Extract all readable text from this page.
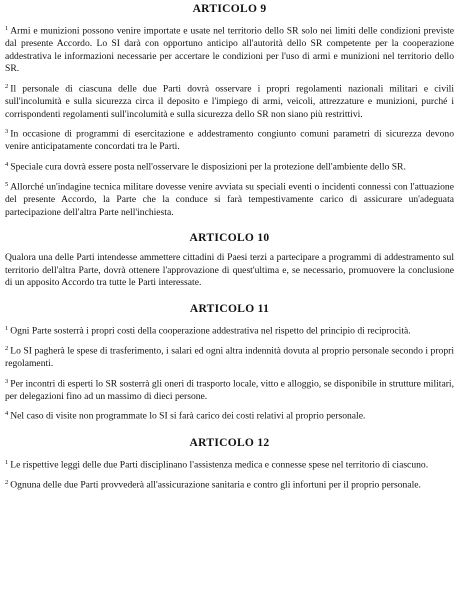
ARTICOLO 9

$^1$ Armi e munizioni possono venire importate e usate nel territorio dello SR solo nei limiti delle condizioni previste dal presente Accordo. Lo SI darà con opportuno anticipo all'autorità dello SR competente per la cooperazione addestrativa le informazioni necessarie per accertare le condizioni per l'uso di armi e munizioni nel territorio dello SR.

$^2$ Il personale di ciascuna delle due Parti dovrà osservare i propri regolamenti nazionali militari e civili sull'incolumità e sulla sicurezza circa il deposito e l'impiego di armi, veicoli, attrezzature e munizioni, purché i corrispondenti regolamenti sull'incolumità e sulla sicurezza dello SR non siano più restrittivi.

$^3$ In occasione di programmi di esercitazione e addestramento congiunto comuni parametri di sicurezza devono venire anticipatamente concordati tra le Parti.

$^4$ Speciale cura dovrà essere posta nell'osservare le disposizioni per la protezione dell'ambiente dello SR.

$^5$ Allorché un'indagine tecnica militare dovesse venire avviata su speciali eventi o incidenti connessi con l'attuazione del presente Accordo, la Parte che la conduce si farà tempestivamente carico di assicurare un'adeguata partecipazione dell'altra Parte nell'inchiesta.

ARTICOLO 10

Qualora una delle Parti intendesse ammettere cittadini di Paesi terzi a partecipare a programmi di addestramento sul territorio dell'altra Parte, dovrà ottenere l'approvazione di quest'ultima e, se necessario, promuovere la conclusione di un apposito Accordo tra tutte le Parti interessate.

ARTICOLO 11

$^1$ Ogni Parte sosterrà i propri costi della cooperazione addestrativa nel rispetto del principio di reciprocità.

$^2$ Lo SI pagherà le spese di trasferimento, i salari ed ogni altra indennità dovuta al proprio personale secondo i propri regolamenti.

$^3$ Per incontri di esperti lo SR sosterrà gli oneri di trasporto locale, vitto e alloggio, se disponibile in strutture militari, per delegazioni fino ad un massimo di dieci persone.

$^4$ Nel caso di visite non programmate lo SI si farà carico dei costi relativi al proprio personale.

ARTICOLO 12

$^1$ Le rispettive leggi delle due Parti disciplinano l'assistenza medica e connesse spese nel territorio di ciascuno.

$^2$ Ognuna delle due Parti provvederà all'assicurazione sanitaria e contro gli infortuni per il proprio personale.
